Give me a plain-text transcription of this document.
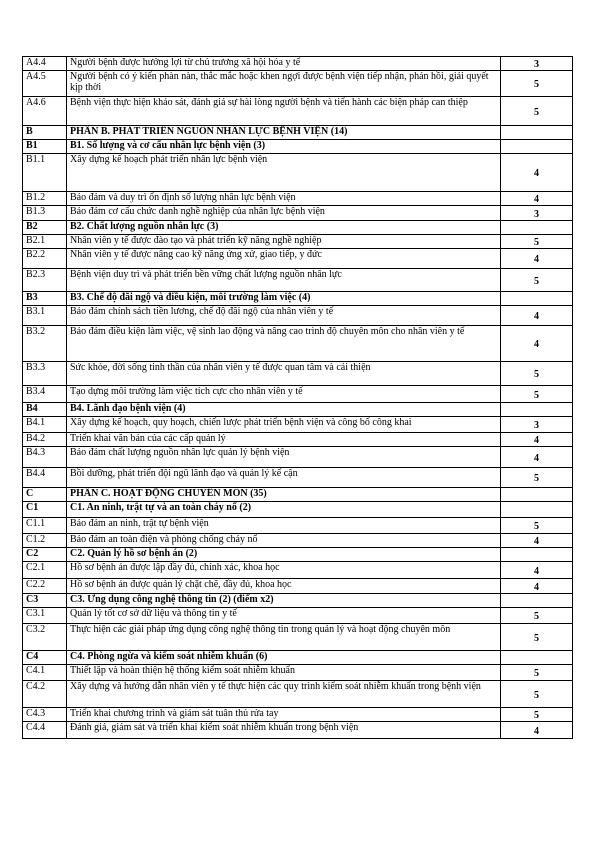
A4.4	Người bệnh được hưởng lợi từ chủ trương xã hội hóa y tế	3
A4.5	Người bệnh có ý kiến phàn nàn, thắc mắc hoặc khen ngợi được bệnh viện tiếp nhận, phản hồi, giải quyết kịp thời	5
A4.6	Bệnh viện thực hiện khảo sát, đánh giá sự hài lòng người bệnh và tiến hành các biện pháp can thiệp	5
B	PHẦN B. PHÁT TRIỂN NGUỒN NHÂN LỰC BỆNH VIỆN (14)	
B1	B1. Số lượng và cơ cấu nhân lực bệnh viện (3)	
B1.1	Xây dựng kế hoạch phát triển nhân lực bệnh viện	4
B1.2	Bảo đảm và duy trì ổn định số lượng nhân lực bệnh viện	4
B1.3	Bảo đảm cơ cấu chức danh nghề nghiệp của nhân lực bệnh viện	3
B2	B2. Chất lượng nguồn nhân lực (3)	
B2.1	Nhân viên y tế được đào tạo và phát triển kỹ năng nghề nghiệp	5
B2.2	Nhân viên y tế được nâng cao kỹ năng ứng xử, giao tiếp, y đức	4
B2.3	Bệnh viện duy trì và phát triển bền vững chất lượng nguồn nhân lực	5
B3	B3. Chế độ đãi ngộ và điều kiện, môi trường làm việc (4)	
B3.1	Bảo đảm chính sách tiền lương, chế độ đãi ngộ của nhân viên y tế	4
B3.2	Bảo đảm điều kiện làm việc, vệ sinh lao động và nâng cao trình độ chuyên môn cho nhân viên y tế	4
B3.3	Sức khỏe, đời sống tinh thần của nhân viên y tế được quan tâm và cải thiện	5
B3.4	Tạo dựng môi trường làm việc tích cực cho nhân viên y tế	5
B4	B4. Lãnh đạo bệnh viện (4)	
B4.1	Xây dựng kế hoạch, quy hoạch, chiến lược phát triển bệnh viện và công bố công khai	3
B4.2	Triển khai văn bản của các cấp quản lý	4
B4.3	Bảo đảm chất lượng nguồn nhân lực quản lý bệnh viện	4
B4.4	Bồi dưỡng, phát triển đội ngũ lãnh đạo và quản lý kế cận	5
C	PHẦN C. HOẠT ĐỘNG CHUYÊN MÔN (35)	
C1	C1. An ninh, trật tự và an toàn cháy nổ (2)	
C1.1	Bảo đảm an ninh, trật tự bệnh viện	5
C1.2	Bảo đảm an toàn điện và phòng chống cháy nổ	4
C2	C2. Quản lý hồ sơ bệnh án (2)	
C2.1	Hồ sơ bệnh án được lập đầy đủ, chính xác, khoa học	4
C2.2	Hồ sơ bệnh án được quản lý chặt chẽ, đầy đủ, khoa học	4
C3	C3. Ứng dụng công nghệ thông tin (2) (điểm x2)	
C3.1	Quản lý tốt cơ sở dữ liệu và thông tin y tế	5
C3.2	Thực hiện các giải pháp ứng dụng công nghệ thông tin trong quản lý và hoạt động chuyên môn	5
C4	C4. Phòng ngừa và kiểm soát nhiễm khuẩn (6)	
C4.1	Thiết lập và hoàn thiện hệ thống kiểm soát nhiễm khuẩn	5
C4.2	Xây dựng và hướng dẫn nhân viên y tế thực hiện các quy trình kiểm soát nhiễm khuẩn trong bệnh viện	5
C4.3	Triển khai chương trình và giám sát tuân thủ rửa tay	5
C4.4	Đánh giá, giám sát và triển khai kiểm soát nhiễm khuẩn trong bệnh viện	4
